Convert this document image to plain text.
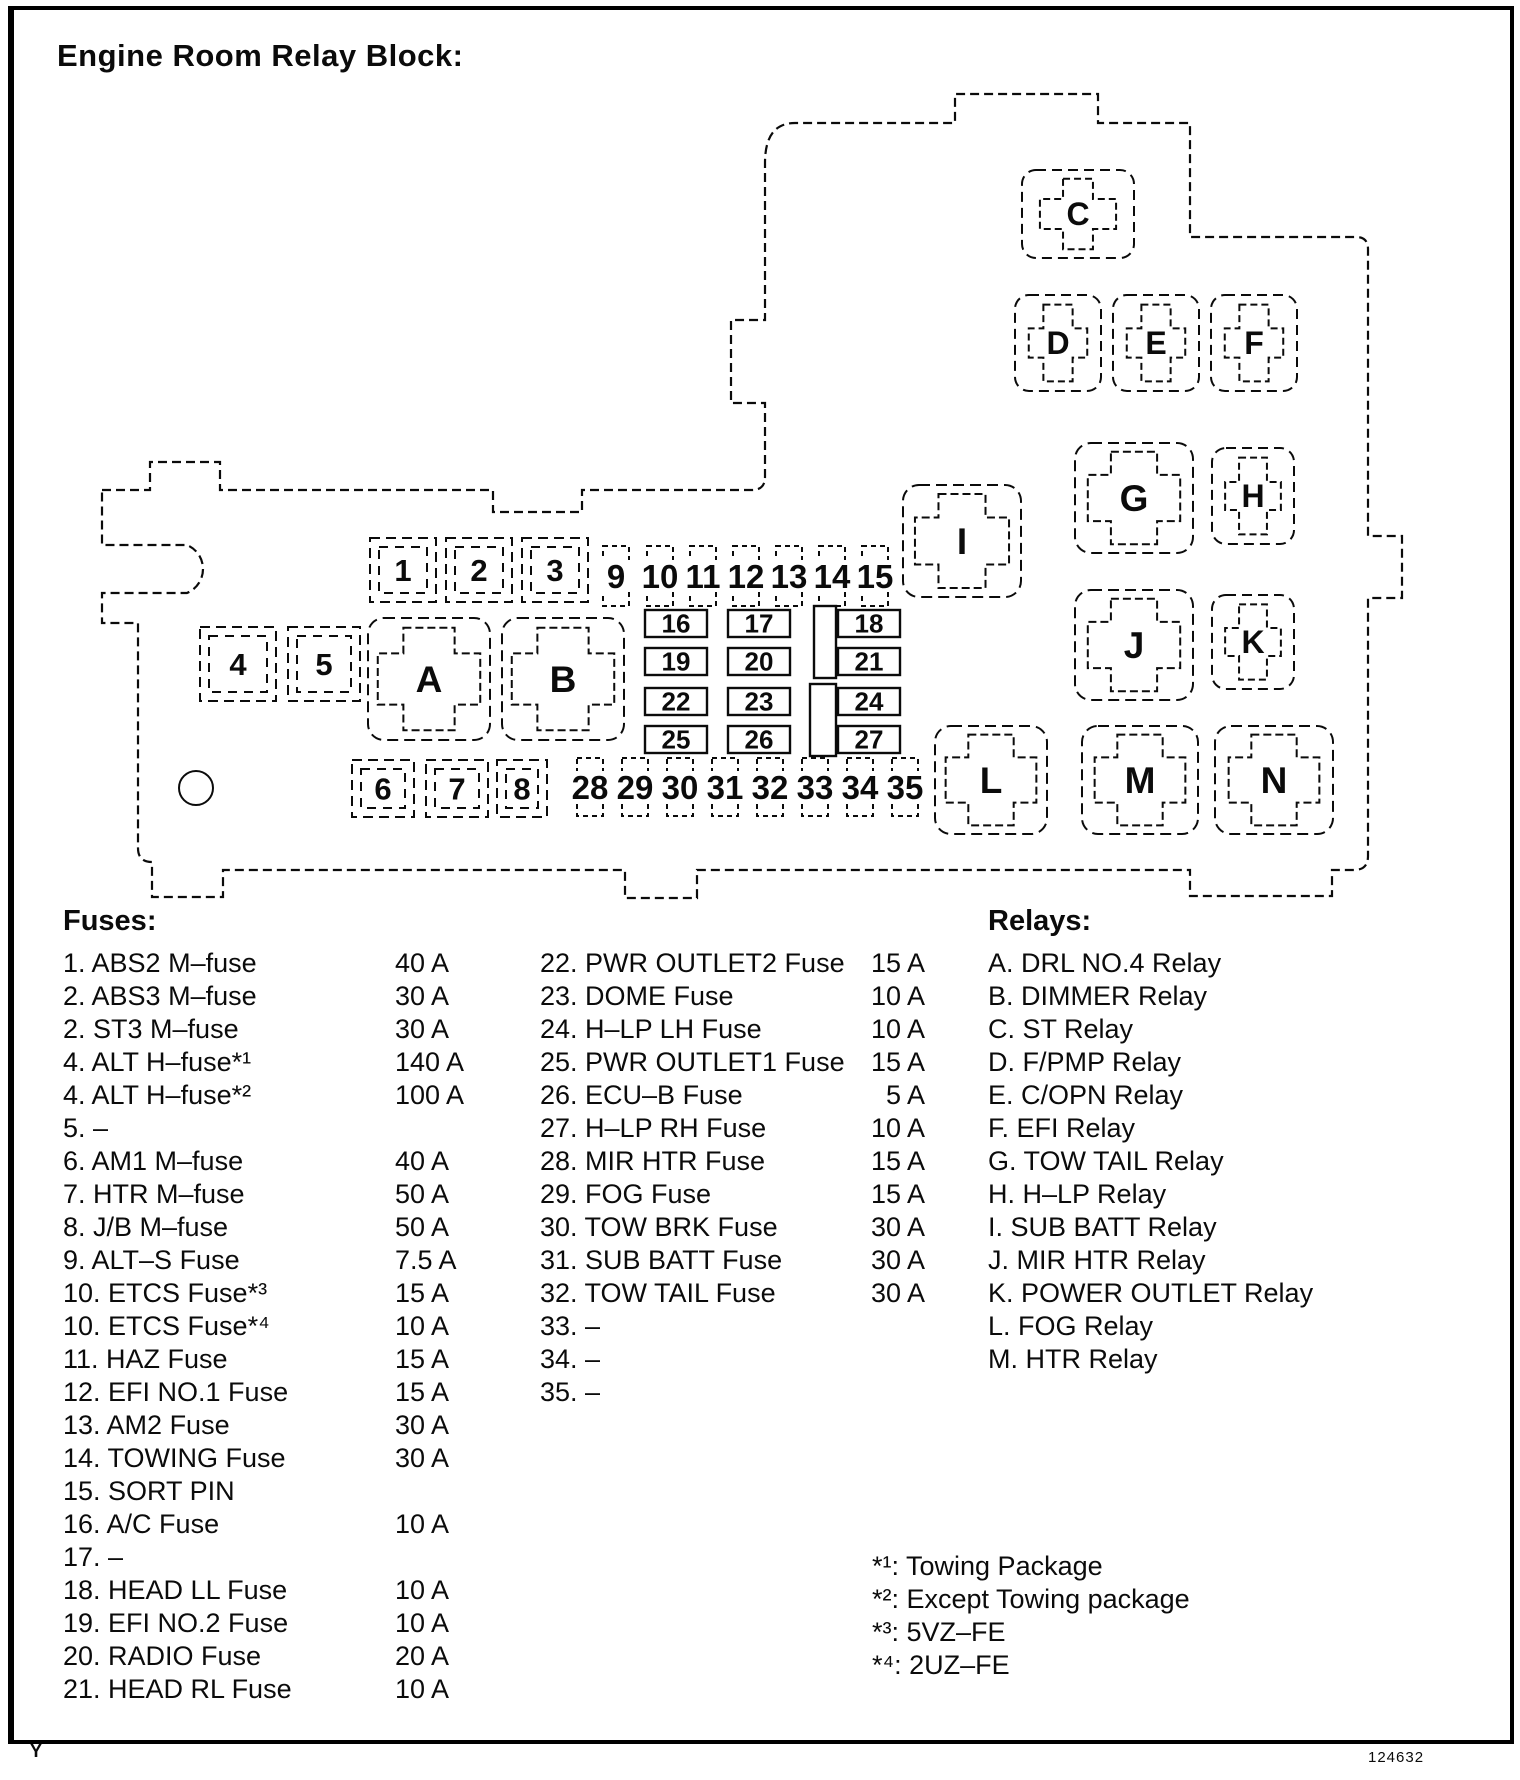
Engine Room Relay Block:
1 2 3 9 10 11 12 13 14 15
16 17	18
19 20	21
22 23	24
25 26	27
4 5 A	B
6 7 8 28 29 30 31 32 33 34 35
C
D E F
G	H
I
J	K
L	M	N
Fuses:
1. ABS2 M–fuse	40 A
2. ABS3 M–fuse	30 A
2. ST3 M–fuse	30 A
4. ALT H–fuse*¹	140 A
4. ALT H–fuse*²	100 A
5. –
6. AM1 M–fuse	40 A
7. HTR M–fuse	50 A
8. J/B M–fuse	50 A
9. ALT–S Fuse	7.5 A
10. ETCS Fuse*³	15 A
10. ETCS Fuse*⁴	10 A
11. HAZ Fuse	15 A
12. EFI NO.1 Fuse	15 A
13. AM2 Fuse	30 A
14. TOWING Fuse	30 A
15. SORT PIN
16. A/C Fuse	10 A
17. –
18. HEAD LL Fuse	10 A
19. EFI NO.2 Fuse	10 A
20. RADIO Fuse	20 A
21. HEAD RL Fuse	10 A
22. PWR OUTLET2 Fuse 15 A
23. DOME Fuse	10 A
24. H–LP LH Fuse	10 A
25. PWR OUTLET1 Fuse 15 A
26. ECU–B Fuse	5 A
27. H–LP RH Fuse	10 A
28. MIR HTR Fuse	15 A
29. FOG Fuse	15 A
30. TOW BRK Fuse	30 A
31. SUB BATT Fuse	30 A
32. TOW TAIL Fuse	30 A
33. –
34. –
35. –
Relays:
A. DRL NO.4 Relay
B. DIMMER Relay
C. ST Relay
D. F/PMP Relay
E. C/OPN Relay
F. EFI Relay
G. TOW TAIL Relay
H. H–LP Relay
I. SUB BATT Relay
J. MIR HTR Relay
K. POWER OUTLET Relay
L. FOG Relay
M. HTR Relay
*¹: Towing Package
*²: Except Towing package
*³: 5VZ–FE
*⁴: 2UZ–FE
Y	124632
